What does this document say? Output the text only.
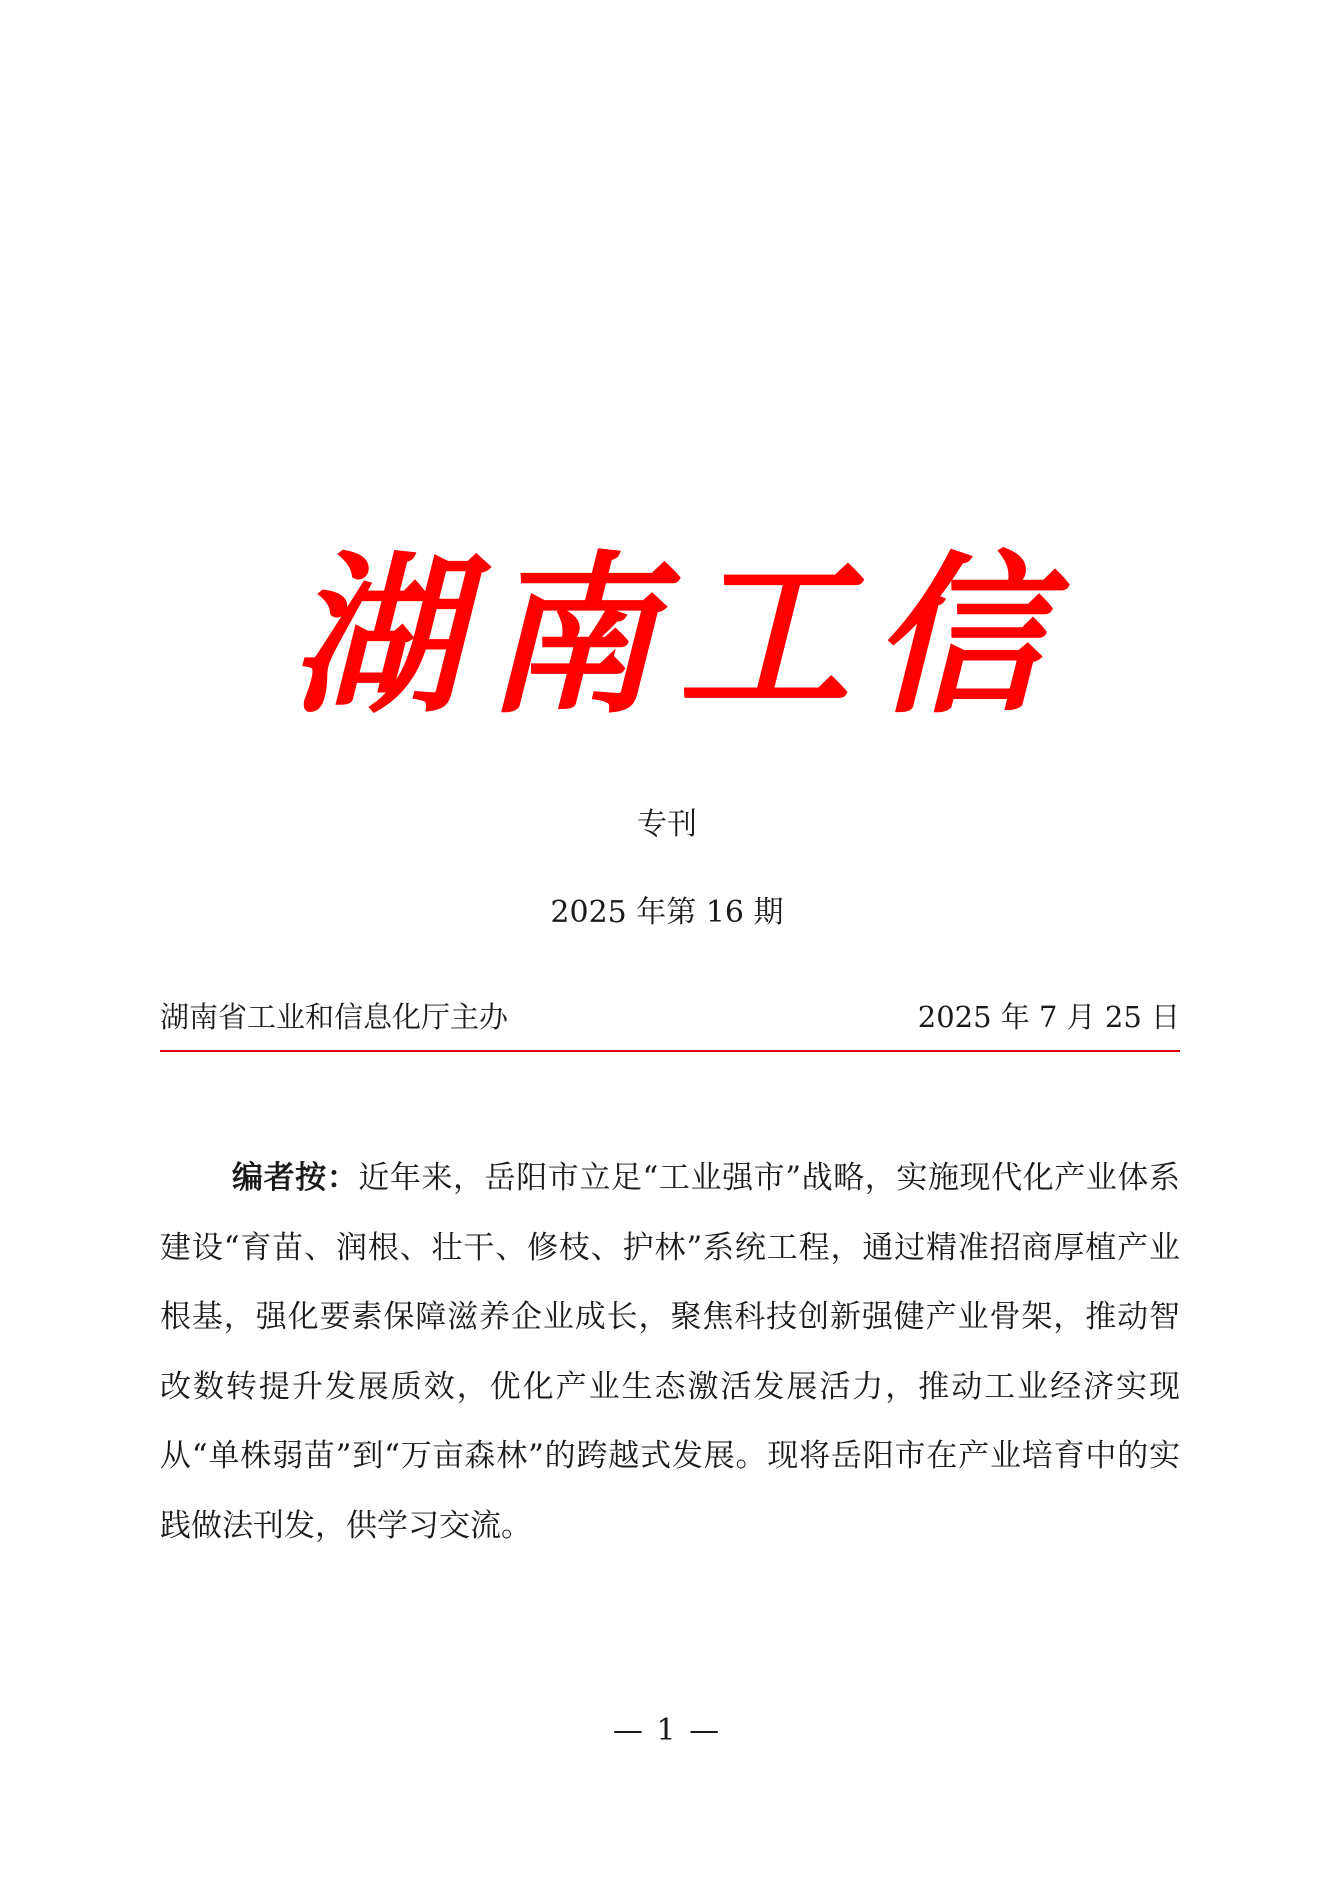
湖南工信
专刊
2025 年第 16 期
湖南省工业和信息化厅主办	2025 年 7 月 25 日

编者按：近年来，岳阳市立足“工业强市”战略，实施现代化产业体系建设“育苗、润根、壮干、修枝、护林”系统工程，通过精准招商厚植产业根基，强化要素保障滋养企业成长，聚焦科技创新强健产业骨架，推动智改数转提升发展质效，优化产业生态激活发展活力，推动工业经济实现从“单株弱苗”到“万亩森林”的跨越式发展。现将岳阳市在产业培育中的实践做法刊发，供学习交流。

— 1 —
